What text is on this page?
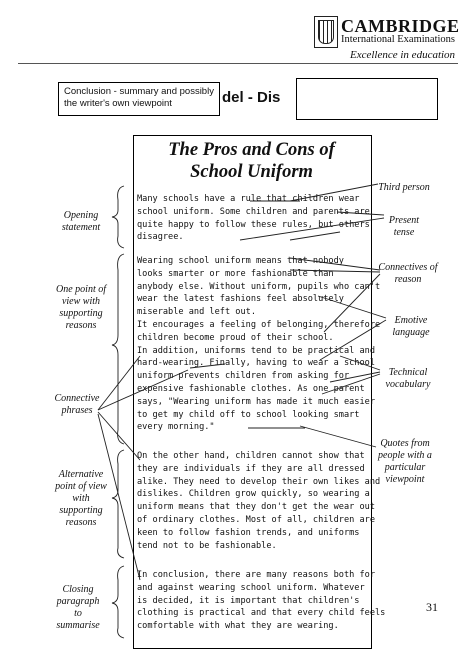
CAMBRIDGE
International Examinations
Excellence in education
del - Dis
Conclusion - summary and possibly the writer's own viewpoint
The Pros and Cons of
School Uniform
Many schools have a rule that children wear
school uniform. Some children and parents are
quite happy to follow these rules, but others
disagree.
Wearing school uniform means that nobody
looks smarter or more fashionable than
anybody else. Without uniform, pupils who can't
wear the latest fashions feel absolutely
miserable and left out.
It encourages a feeling of belonging, therefore
children become proud of their school.
In addition, uniforms tend to be practical and
hard-wearing. Finally, having to wear a school
uniform prevents children from asking for
expensive fashionable clothes. As one parent
says, "Wearing uniform has made it much easier
to get my child off to school looking smart
every morning."
On the other hand, children cannot show that
they are individuals if they are all dressed
alike. They need to develop their own likes and
dislikes. Children grow quickly, so wearing a
uniform means that they don't get the wear out
of ordinary clothes. Most of all, children are
keen to follow fashion trends, and uniforms
tend not to be fashionable.
In conclusion, there are many reasons both for
and against wearing school uniform. Whatever
is decided, it is important that children's
clothing is practical and that every child feels
comfortable with what they are wearing.
Opening statement
One point of view with supporting reasons
Connective phrases
Alternative point of view with supporting reasons
Closing paragraph to summarise
Third person
Present tense
Connectives of reason
Emotive language
Technical vocabulary
Quotes from people with a particular viewpoint
31
